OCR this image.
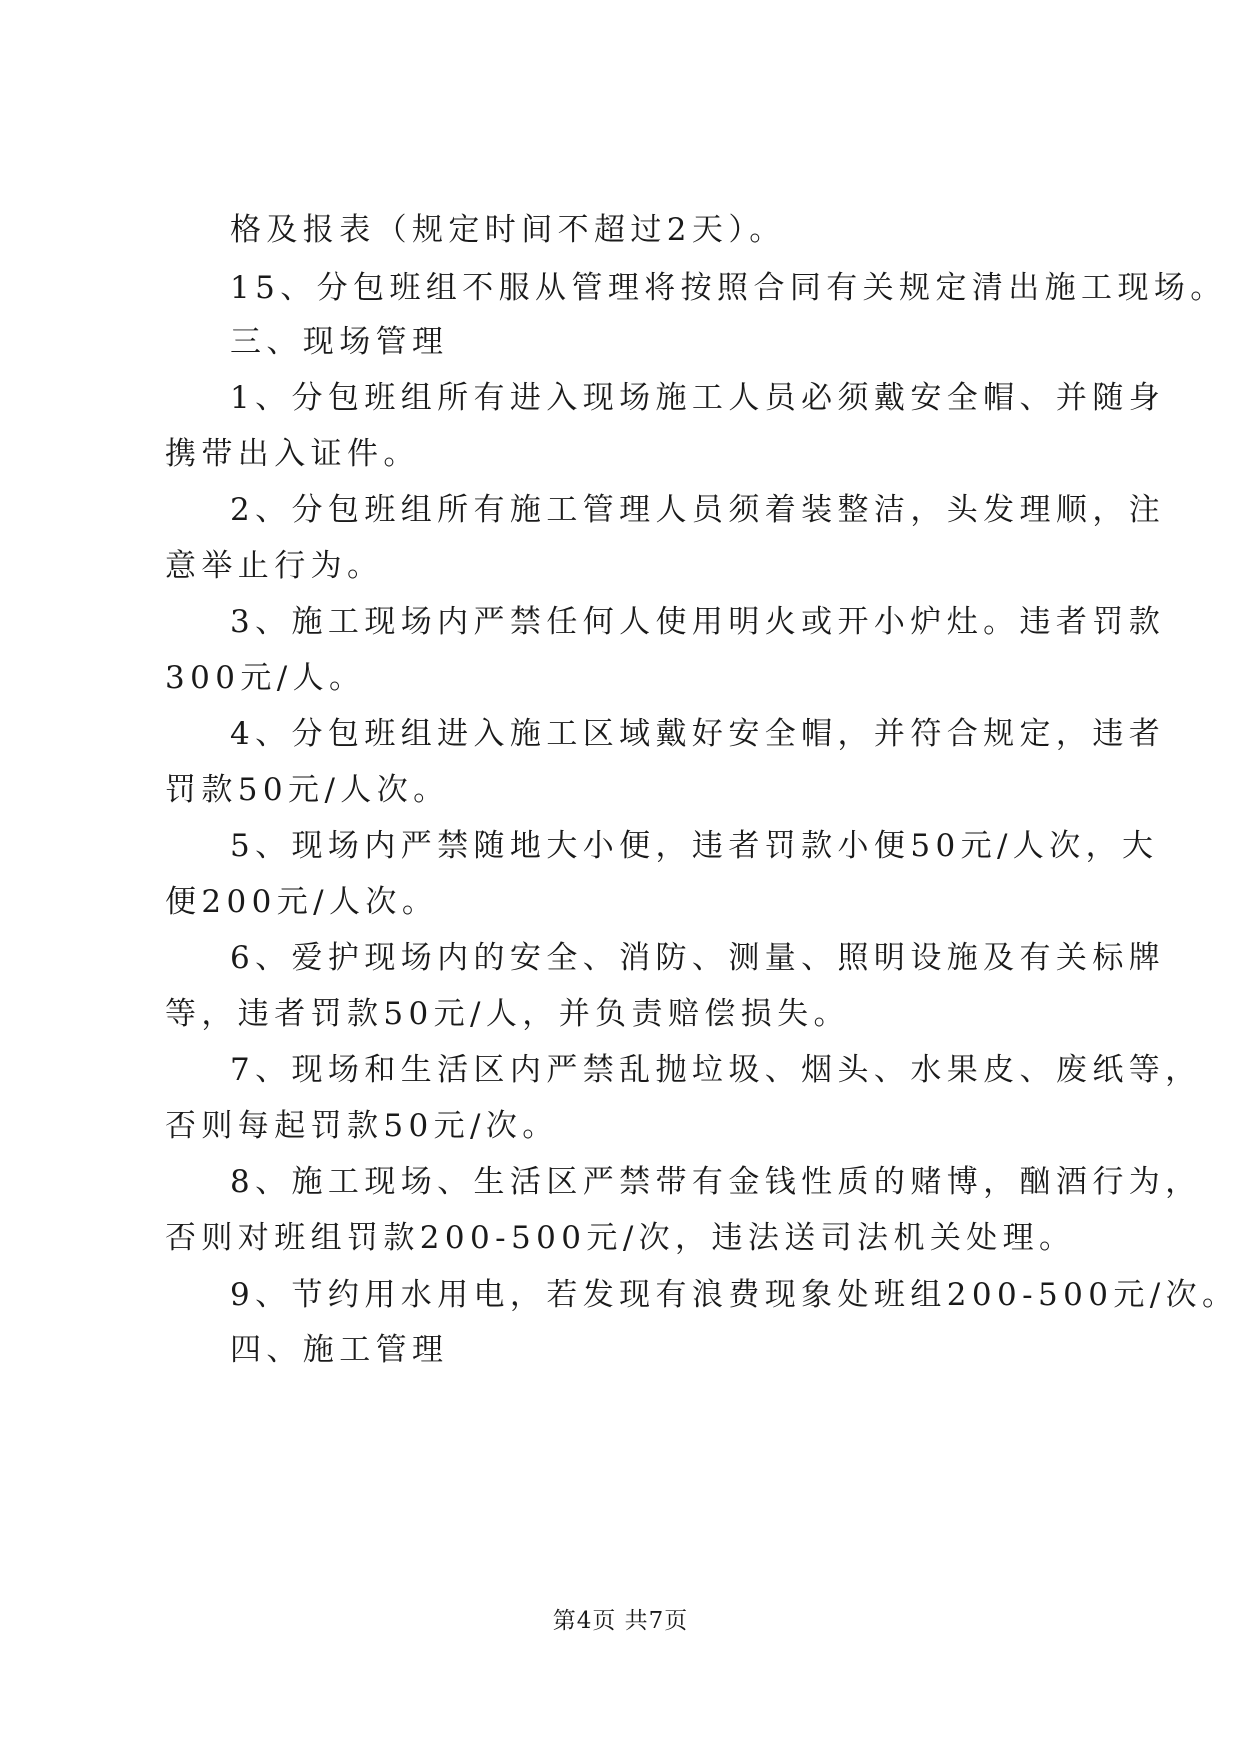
格及报表（规定时间不超过2天）。
15、分包班组不服从管理将按照合同有关规定清出施工现场。
三、现场管理
1、分包班组所有进入现场施工人员必须戴安全帽、并随身
携带出入证件。
2、分包班组所有施工管理人员须着装整洁，头发理顺，注
意举止行为。
3、施工现场内严禁任何人使用明火或开小炉灶。违者罚款
300元/人。
4、分包班组进入施工区域戴好安全帽，并符合规定，违者
罚款50元/人次。
5、现场内严禁随地大小便，违者罚款小便50元/人次，大
便200元/人次。
6、爱护现场内的安全、消防、测量、照明设施及有关标牌
等，违者罚款50元/人，并负责赔偿损失。
7、现场和生活区内严禁乱抛垃圾、烟头、水果皮、废纸等，
否则每起罚款50元/次。
8、施工现场、生活区严禁带有金钱性质的赌博，酗酒行为，
否则对班组罚款200-500元/次，违法送司法机关处理。
9、节约用水用电，若发现有浪费现象处班组200-500元/次。
四、施工管理
第4页 共7页
